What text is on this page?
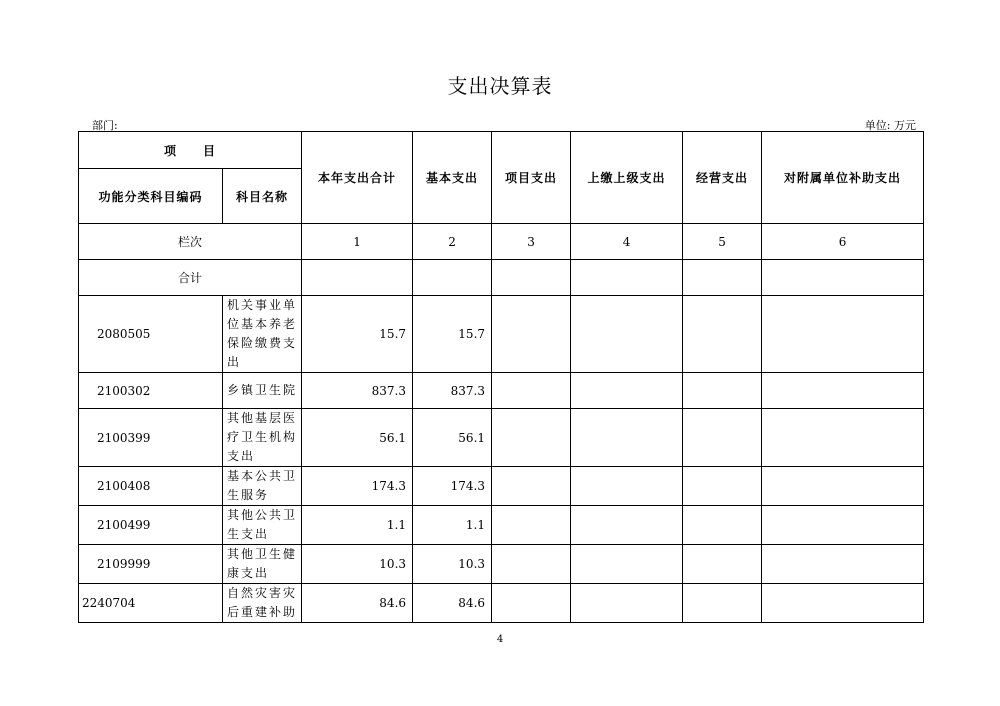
支出决算表
部门:	单位: 万元
项　　目		本年支出合计	基本支出	项目支出	上缴上级支出	经营支出	对附属单位补助支出
功能分类科目编码	科目名称						
栏次		1	2	3	4	5	6
合计							
2080505	机关事业单
位基本养老
保险缴费支
出	15.7	15.7				
2100302	乡镇卫生院	837.3	837.3				
2100399	其他基层医
疗卫生机构
支出	56.1	56.1				
2100408	基本公共卫
生服务	174.3	174.3				
2100499	其他公共卫
生支出	1.1	1.1				
2109999	其他卫生健
康支出	10.3	10.3				
2240704	自然灾害灾
后重建补助	84.6	84.6				
4
